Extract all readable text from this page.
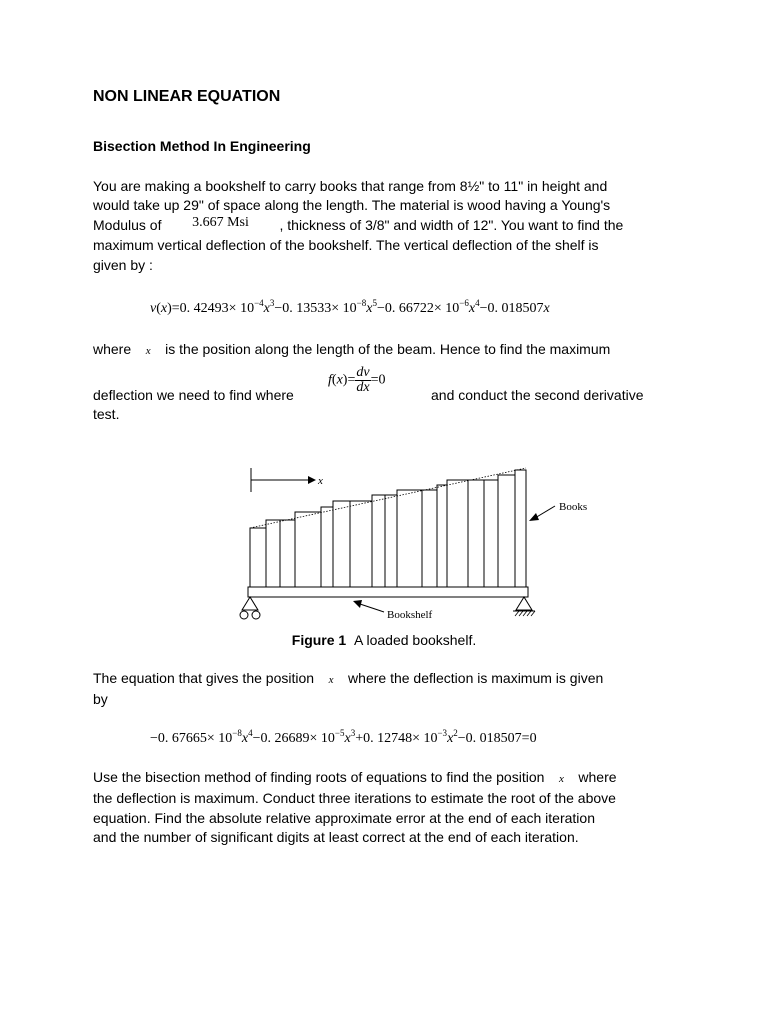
NON LINEAR EQUATION
Bisection Method In Engineering

You are making a bookshelf to carry books that range from 8½" to 11" in height and

would take up 29" of space along the length. The material is wood having a Young's

Modulus of 3.667 Msi , thickness of 3/8" and width of 12". You want to find the

maximum vertical deflection of the bookshelf. The vertical deflection of the shelf is

given by :

v(x)=0. $42493\times 10^{-4}x^3-0$. $13533\times 10^{-8}x^5-0$. $66722\times 10^{-6}x^4-0$. 018507x

where x is the position along the length of the beam. Hence to find the maximum

deflection we need to find where

test.

$f(x)= \frac{dv}{dx} =0$
and conduct the second derivative
x
Books
Bookshelf
Figure 1 A loaded bookshelf.

The equation that gives the position x where the deflection is maximum is given

by

−0. $67665\times 10^{-8}x^4-0$. $26689\times 10^{-5}x^3+0$. $12748\times 10^{-3}x^2-0$. 018507=0

Use the bisection method of finding roots of equations to find the position x where

the deflection is maximum. Conduct three iterations to estimate the root of the above

equation. Find the absolute relative approximate error at the end of each iteration

and the number of significant digits at least correct at the end of each iteration.
